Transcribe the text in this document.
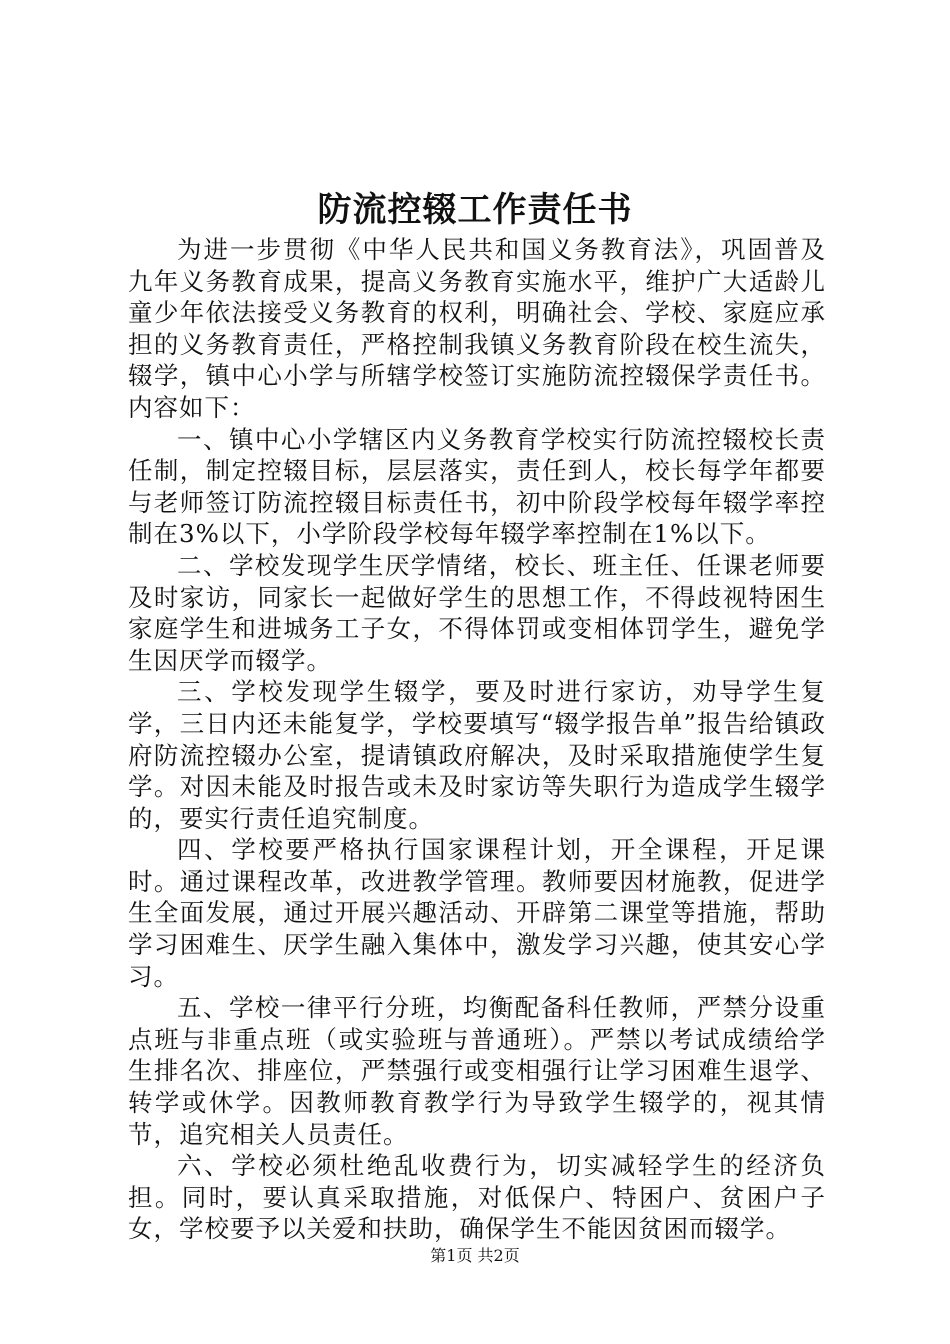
防流控辍工作责任书

为进一步贯彻《中华人民共和国义务教育法》，巩固普及九年义务教育成果，提高义务教育实施水平，维护广大适龄儿童少年依法接受义务教育的权利，明确社会、学校、家庭应承担的义务教育责任，严格控制我镇义务教育阶段在校生流失，辍学，镇中心小学与所辖学校签订实施防流控辍保学责任书。内容如下：

一、镇中心小学辖区内义务教育学校实行防流控辍校长责任制，制定控辍目标，层层落实，责任到人，校长每学年都要与老师签订防流控辍目标责任书，初中阶段学校每年辍学率控制在3%以下，小学阶段学校每年辍学率控制在1%以下。

二、学校发现学生厌学情绪，校长、班主任、任课老师要及时家访，同家长一起做好学生的思想工作，不得歧视特困生家庭学生和进城务工子女，不得体罚或变相体罚学生，避免学生因厌学而辍学。

三、学校发现学生辍学，要及时进行家访，劝导学生复学，三日内还未能复学，学校要填写“辍学报告单”报告给镇政府防流控辍办公室，提请镇政府解决，及时采取措施使学生复学。对因未能及时报告或未及时家访等失职行为造成学生辍学的，要实行责任追究制度。

四、学校要严格执行国家课程计划，开全课程，开足课时。通过课程改革，改进教学管理。教师要因材施教，促进学生全面发展，通过开展兴趣活动、开辟第二课堂等措施，帮助学习困难生、厌学生融入集体中，激发学习兴趣，使其安心学习。

五、学校一律平行分班，均衡配备科任教师，严禁分设重点班与非重点班（或实验班与普通班）。严禁以考试成绩给学生排名次、排座位，严禁强行或变相强行让学习困难生退学、转学或休学。因教师教育教学行为导致学生辍学的，视其情节，追究相关人员责任。

六、学校必须杜绝乱收费行为，切实减轻学生的经济负担。同时，要认真采取措施，对低保户、特困户、贫困户子女，学校要予以关爱和扶助，确保学生不能因贫困而辍学。

第1页 共2页
